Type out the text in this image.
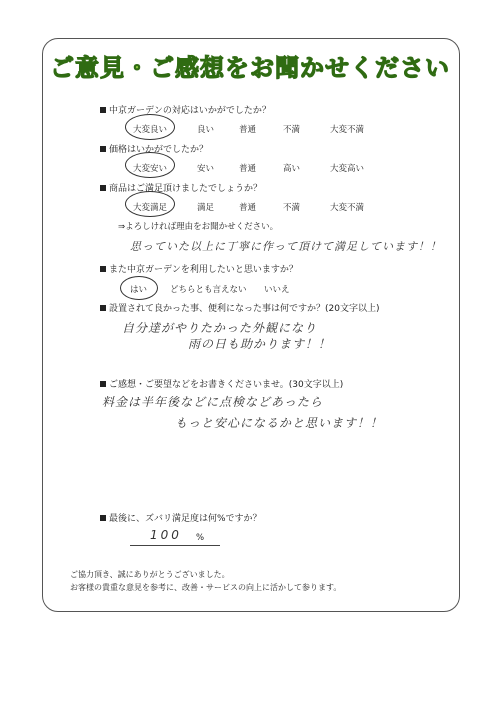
ご意見・ご感想をお聞かせください
中京ガーデンの対応はいかがでしたか？
大変良い	良い	普通	不満	大変不満
価格はいかがでしたか？
大変安い	安い	普通	高い	大変高い
商品はご満足頂けましたでしょうか？
大変満足	満足	普通	不満	大変不満
⇒よろしければ理由をお聞かせください。
思っていた以上に丁寧に作って頂けて満足しています！！
また中京ガーデンを利用したいと思いますか？
はい	どちらとも言えない いいえ
設置されて良かった事、便利になった事は何ですか？(20文字以上)
自分達がやりたかった外観になり
雨の日も助かります！！
ご感想・ご要望などをお書きくださいませ。(30文字以上)
料金は半年後などに点検などあったら
もっと安心になるかと思います！！
最後に、ズバリ満足度は何%ですか？
100 %
ご協力頂き、誠にありがとうございました。
お客様の貴重な意見を参考に、改善・サービスの向上に活かして参ります。
